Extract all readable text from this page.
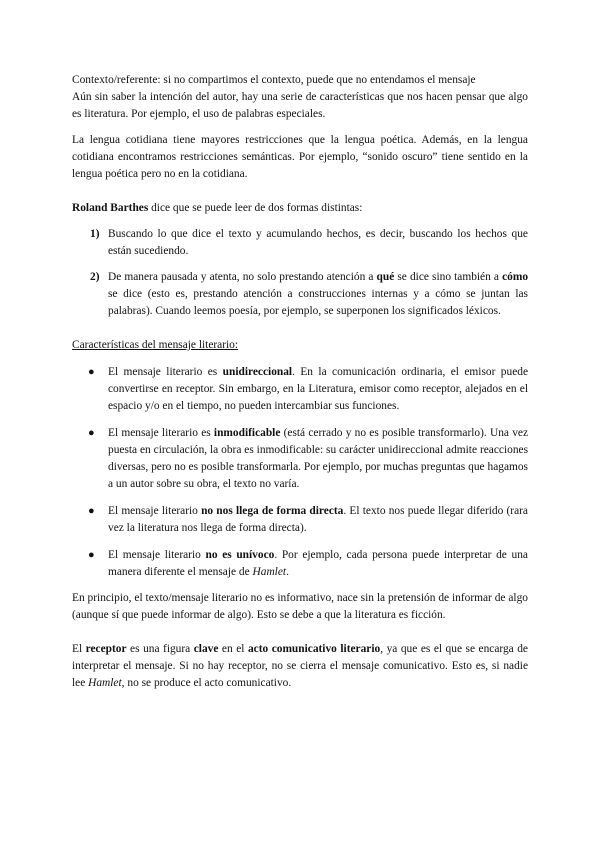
Contexto/referente: si no compartimos el contexto, puede que no entendamos el mensaje

Aún sin saber la intención del autor, hay una serie de características que nos hacen pensar que algo es literatura. Por ejemplo, el uso de palabras especiales.

La lengua cotidiana tiene mayores restricciones que la lengua poética. Además, en la lengua cotidiana encontramos restricciones semánticas. Por ejemplo, “sonido oscuro” tiene sentido en la lengua poética pero no en la cotidiana.

Roland Barthes dice que se puede leer de dos formas distintas:

1) Buscando lo que dice el texto y acumulando hechos, es decir, buscando los hechos que están sucediendo.
2) De manera pausada y atenta, no solo prestando atención a qué se dice sino también a cómo se dice (esto es, prestando atención a construcciones internas y a cómo se juntan las palabras). Cuando leemos poesía, por ejemplo, se superponen los significados léxicos.

Características del mensaje literario:

● El mensaje literario es unidireccional. En la comunicación ordinaria, el emisor puede convertirse en receptor. Sin embargo, en la Literatura, emisor como receptor, alejados en el espacio y/o en el tiempo, no pueden intercambiar sus funciones.
● El mensaje literario es inmodificable (está cerrado y no es posible transformarlo). Una vez puesta en circulación, la obra es inmodificable: su carácter unidireccional admite reacciones diversas, pero no es posible transformarla. Por ejemplo, por muchas preguntas que hagamos a un autor sobre su obra, el texto no varía.
● El mensaje literario no nos llega de forma directa. El texto nos puede llegar diferido (rara vez la literatura nos llega de forma directa).
● El mensaje literario no es unívoco. Por ejemplo, cada persona puede interpretar de una manera diferente el mensaje de Hamlet.

En principio, el texto/mensaje literario no es informativo, nace sin la pretensión de informar de algo (aunque sí que puede informar de algo). Esto se debe a que la literatura es ficción.

El receptor es una figura clave en el acto comunicativo literario, ya que es el que se encarga de interpretar el mensaje. Si no hay receptor, no se cierra el mensaje comunicativo. Esto es, si nadie lee Hamlet, no se produce el acto comunicativo.
